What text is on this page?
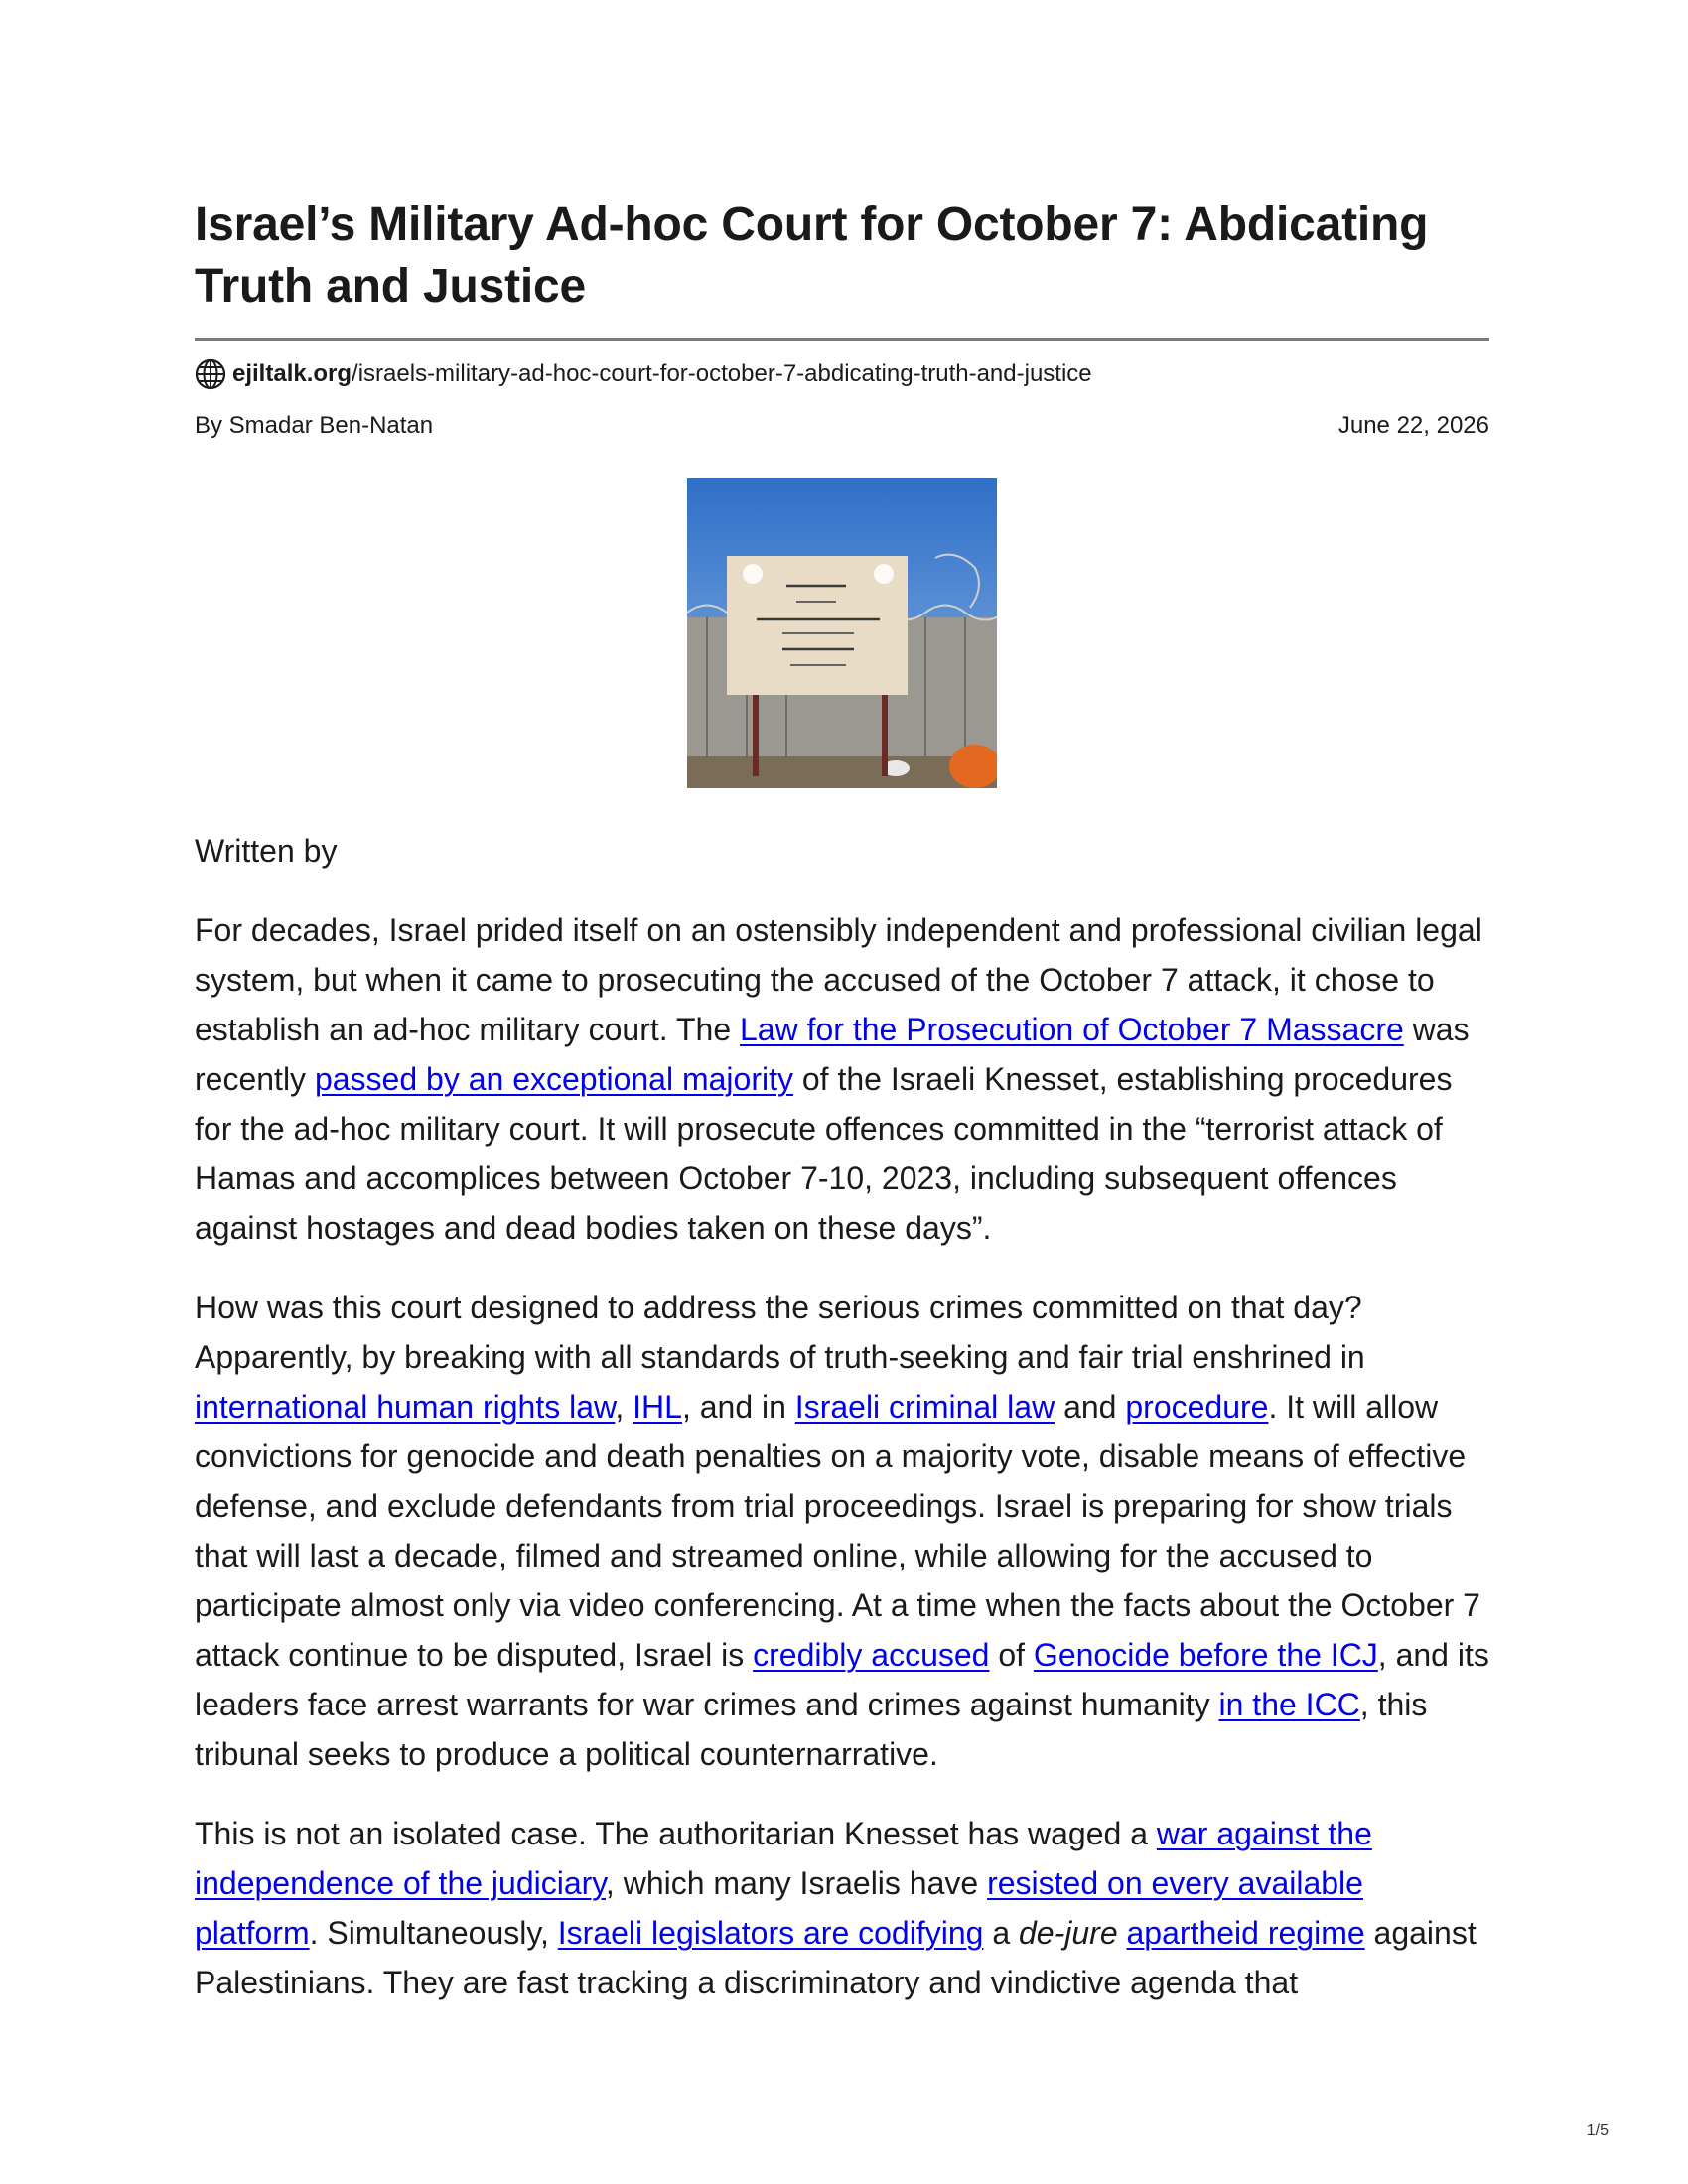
Israel’s Military Ad-hoc Court for October 7: Abdicating Truth and Justice
ejiltalk.org/israels-military-ad-hoc-court-for-october-7-abdicating-truth-and-justice
By Smadar Ben-Natan	June 22, 2026
Written by

For decades, Israel prided itself on an ostensibly independent and professional civilian legal system, but when it came to prosecuting the accused of the October 7 attack, it chose to establish an ad-hoc military court. The Law for the Prosecution of October 7 Massacre was recently passed by an exceptional majority of the Israeli Knesset, establishing procedures for the ad-hoc military court. It will prosecute offences committed in the “terrorist attack of Hamas and accomplices between October 7-10, 2023, including subsequent offences against hostages and dead bodies taken on these days”.

How was this court designed to address the serious crimes committed on that day? Apparently, by breaking with all standards of truth-seeking and fair trial enshrined in international human rights law, IHL, and in Israeli criminal law and procedure. It will allow convictions for genocide and death penalties on a majority vote, disable means of effective defense, and exclude defendants from trial proceedings. Israel is preparing for show trials that will last a decade, filmed and streamed online, while allowing for the accused to participate almost only via video conferencing. At a time when the facts about the October 7 attack continue to be disputed, Israel is credibly accused of Genocide before the ICJ, and its leaders face arrest warrants for war crimes and crimes against humanity in the ICC, this tribunal seeks to produce a political counternarrative.

This is not an isolated case. The authoritarian Knesset has waged a war against the independence of the judiciary, which many Israelis have resisted on every available platform. Simultaneously, Israeli legislators are codifying a de-jure apartheid regime against Palestinians. They are fast tracking a discriminatory and vindictive agenda that

1/5
